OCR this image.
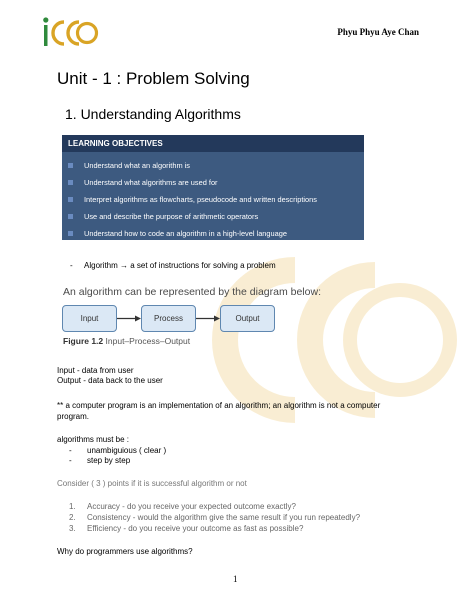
Phyu Phyu Aye Chan
Unit - 1 : Problem Solving
1. Understanding Algorithms
LEARNING OBJECTIVES
Understand what an algorithm is
Understand what algorithms are used for
Interpret algorithms as flowcharts, pseudocode and written descriptions
Use and describe the purpose of arithmetic operators
Understand how to code an algorithm in a high-level language
- Algorithm → a set of instructions for solving a problem
An algorithm can be represented by the diagram below:
Input	Process	Output
Figure 1.2 Input–Process–Output
Input - data from user
Output - data back to the user
** a computer program is an implementation of an algorithm; an algorithm is not a computer
program.
algorithms must be :
- unambiguious ( clear )
- step by step
Consider ( 3 ) points if it is successful algorithm or not
1. Accuracy - do you receive your expected outcome exactly?
2. Consistency - would the algorithm give the same result if you run repeatedly?
3. Efficiency - do you receive your outcome as fast as possible?
Why do programmers use algorithms?
1
